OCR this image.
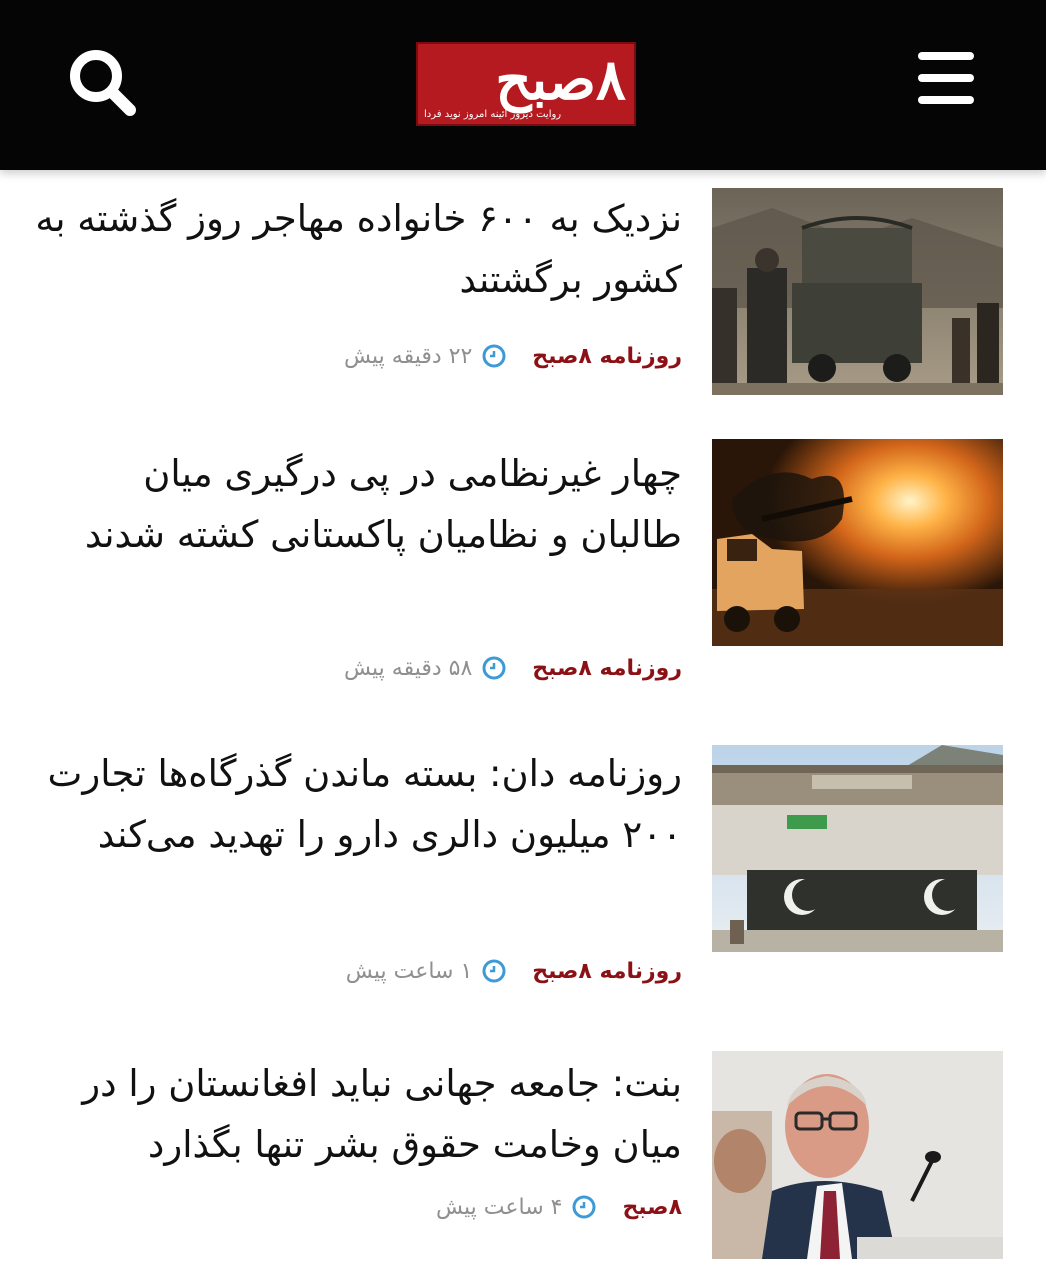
۸صبح
روایت دیروز آئینه امروز نوید فردا
نزدیک به ۶۰۰ خانواده مهاجر روز گذشته به کشور برگشتند
روزنامه ۸صبح
۲۲ دقیقه پیش
چهار غیرنظامی در پی درگیری میان طالبان و نظامیان پاکستانی کشته شدند
روزنامه ۸صبح
۵۸ دقیقه پیش
روزنامه دان: بسته ماندن گذرگاه‌ها تجارت ۲۰۰ میلیون دالری دارو را تهدید می‌کند
روزنامه ۸صبح
۱ ساعت پیش
بنت: جامعه جهانی نباید افغانستان را در میان وخامت حقوق بشر تنها بگذارد
۸صبح
۴ ساعت پیش
